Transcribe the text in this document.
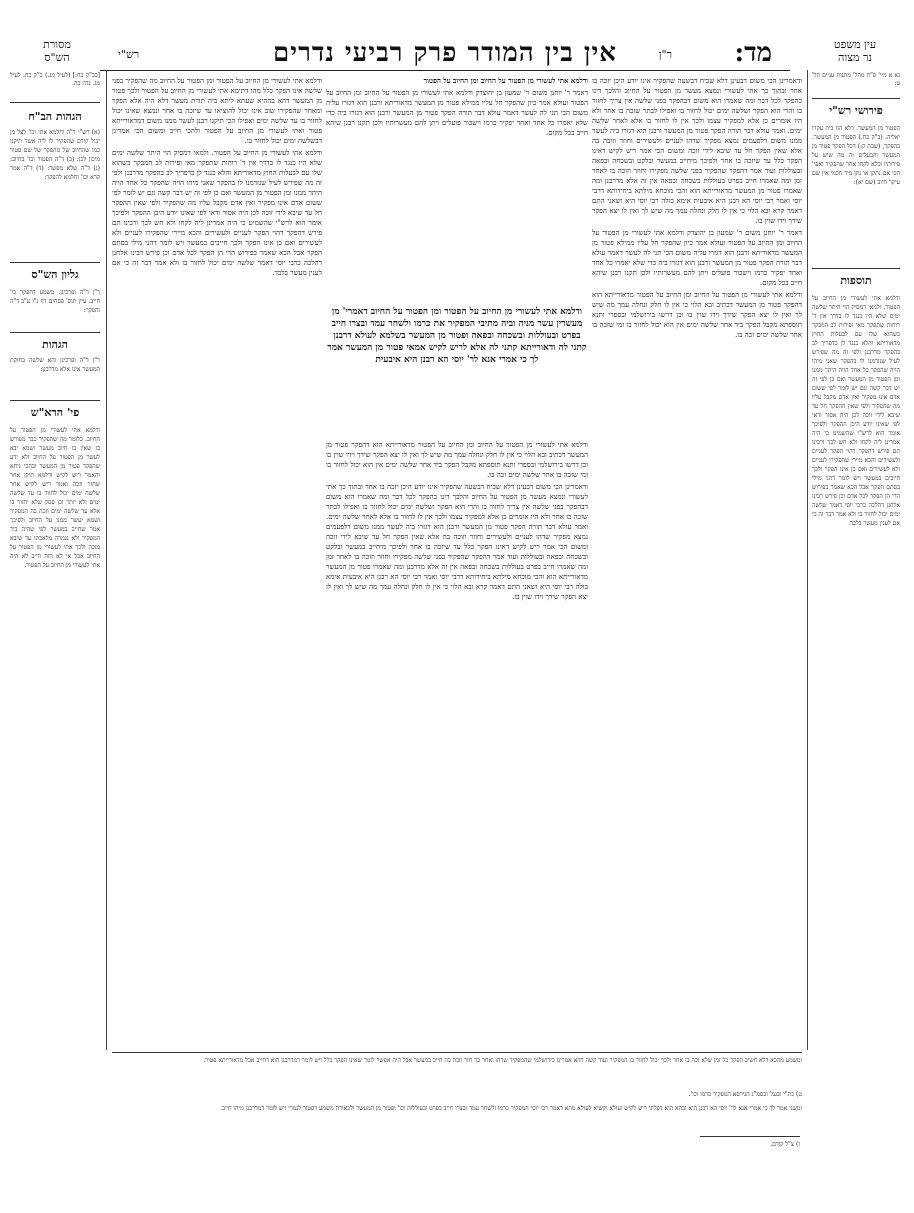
מד:
ר"ן
אין בין המודר פרק רביעי נדרים
רש"י
עין משפט
נר מצוה
נא א מיי' פ"ח מהל' מתנות עניים הל' ט:
פירושי רש"י
הפטור מן המעשר. דלא הוו בית עקרו יאליה. (ב"ק כח.) הפטור מן המעשר. בהפקר, (שבת ק:) דכל הפקר פטור מן המעשר והבעלים זה מה שיש על פירותיו וכלא לקחו אחר שהפקיר ואפי' הכי אם נתקן או נתן מיד חכמי אין שם עיקר חיוב (שם יא):
תוספות
ודלמא אתי לעשורי מן החיוב על הפטור. ולמאי דמסיק הוי היתר שלשה ימים שלא היו כנגד לו בדרך אין ד' רוחות שתפקר מאי ופירות לב המבקר כשהוא שלו עם לבעלות החוץ מדאוריתא והלא כנגד לן כדפריך לב בהפקר מדרבנן ולפי זה מה שפירש לעיל שנזדמנו לו בהפקר שאני מיהו הויה שהפקר כל אחד הויה היתר ממנו ומן הפטור מן המעשר ואם כן לפי זה יש דבר קשה וגם יש לומר לפי ששום אדם אינו מפקיר ואין אדם מקבל עליו מה שהפקיר ולפי שאין ההפקר חל עד שיבא לידי זוכה לכן היה אסור ודאי לפי שאינו יודע היכן ההפקר ולפיכך אומר הוא לרש"י שהשמיט כי היה אמרינן ליה לקחו ולא חש לכך ורבינו תם פירש דהפקר דהוי הפקר לעניים ולעשירים והכא מיירי שהפקירו לעניים ולא לעשירים ואם כן אינו הפקר ולכך חייבים במעשר ויש לומר דהני מילי בסתם הפקר אבל הכא שאמר בפירוש הרי הן הפקר לכל אדם וכן פירש רבינו אלחנן דהלכה כרבי יוסי דאמר שלשה ימים יכול לחזור בו ולא אמר דבר זה כי אם לענין מעשר בלבד.
מסורת
הש"ס
[בב"ק כח:] (לעיל מג.) ב"ק כח. לעיל מג. נדה כה.
הגהות הב"ח
(א) רש"י ד"ה וחלמא אתי וכו' לצל מן יכול קודם שהפקיר לו ליה אשר תיקנו כמו שהחיוב של מהפקר של שם פטור מיכון לכן: (ב) ד"ה הפטור וכו' בחיוב: (ג) ד"ה שלא מפשר: (ד) ד"ה אמר קרא וכו' וחלמא להפקר:
גליון הש"ס
ר"ן ד"ה ופרכינן. משמע דהפקר כו' חייב. עיין תוס' פסחים דף נ"ו ע"ב ד"ה והפקר:
הגהות
ר"ן ד"ה ופרכינן והא שלשה בחזקת המעשר אינו אלא מדרבנן:
פי' הרא"ש
ודלמא אתי לעשורי מן הפטור על החיוב. כלומר מה שהפקיר כבר מפורש בו שאין בו חיוב מעשר ושמא יבא לעשר מן הפטור על החיוב ולא ידע שהפקר פטור מן המעשר ובהכי ניחא והאמר ריש לקיש ודלמא תיקן אחר שחזר וזכה ואמר ריש לקיש אחר שלשה ימים יכול לחזור בו עד שלשה ימים ולא יותר וכן פסק שלא יחזור בו אלא עד שלשה ימים וזכה בה המפקיר ושמא יעשר ממנו על החיוב ולפיכך אמר שחייב במעשר לפי שהיה ביד המפקיר ולא נגמרה מלאכתו עד שיבא מזכה ולכך אתי לעשורי מן הפטור על החיוב אבל אי לא הוה חייב לא היה אתי לעשורי מן החיוב על הפטור.

ודאמרינן הכי משום דבעינן דלא שכיח דבשעה שהפקיר אינו יודע היכן יזכה בו אחר ובתוך כך אתי לעשורי ונמצא מעשר מן הפטור על החיוב והלכך דינו כהפקר לכל דבר ומה שאמרו הוא משום דבהפקר בפני שלשה אין צריך לחזור בו והרי הוא הפקר ושלשה ימים יכול לחזור בו ואפילו לבתר שזכה בו אחר ולא היו אומרים כן אלא למפקיר עצמו ולכך אין לו לחזור בו אלא לאחר שלשה ימים. ואמר עולא דבר תורה הפקר פטור מן המעשר ורבנן הוא דגזרו ביה לעשר ממנו משום דלפעמים נמצא מפקיר שדהו לעניים ולעשירים וחוזר וזוכה בה אלא שאין הפקר חל עד שיבא לידי זוכה ומשום הכי אמר ריש לקיש דאינו הפקר כלל עד שיזכה בו אחר ולפיכך מיחייב במעשר ובלקט ובשכחה ובפאה ובעוללות ועוד אמר דהפקר שהפקיר בפני שלשה מפקירו וחוזר וזוכה בו לאחר זמן ומה שאמרו חייב בפרט בעוללות בשכחה ובפאה אין זה אלא מדרבנן ומה שאמרו פטור מן המעשר מדאורייתא הוא והכי מוכחא מילתא ביחידותא דרבי יוסי ואמר רבי יוסי הא רבנן היא איבעית אימא כולה רבי יוסי היא ושאני התם דאמר קרא ובא הלוי כי אין לו חלק ונחלה עמך מה שיש לך ואין לו יצא הפקר שידך וידו שוין בו.

דאמר ר' יוחנן משום ר' שמעון בן יהוצדק ודלמא אתי לעשורי מן הפטור על החיוב ומן החיוב על הפטור ועולא אמר כיון שהפקר חל עליו ממילא פטור מן המעשר מדאוריתא ורבנן הוא דגזרו עליה משום הכי תני לה לעשר דאמר עולא דבר תורה הפקר פטור מן המעשר ורבנן הוא דגזרו ביה כדי שלא יאמרו כל אחד ואחד יפקיר כרמו וישכור פועלים ויתן להם מעשרותיו ולכן תקנו רבנן שיהא חייב בכל מקום.

ודלמא אתי לעשורי מן הפטור על החיוב ומן החיוב על הפטור מדאורייתא הוא דהפקר פטור מן המעשר דכתיב ובא הלוי כי אין לו חלק ונחלה עמך מה שיש לך ואין לו יצא הפקר שידך וידו שוין בו וכן דרשו בירושלמי ובספרי ותנא תוספתא מקבל הפקר ביד אחר שלשה ימים אין הוא יכול לחזור בו ומי שזכה בו אחר שלשה ימים זכה בו.

ודלמא אתי לעשורי מן החיוב על הפטור ומן הפטור על החיוב מה שהפקיר בפני שלשה אינו הפקר כלל מהו דתימא אתי לעשורי מן החיוב על הפטור ולכך פטור מן המעשר דהא בההיא שעתא ליתא ביה תורת מעשר דלא היה אלא הפקר ומאחר שהפקירו שוב אינו יכול להוציאו עד שיזכה בו אחר ונמצא שאינו יכול לחזור בו עד שלשה ימים ואפילו הכי תיקנו רבנן לעשר ממנו משום דמדאורייתא פטור ואתי לעשורי מן החיוב על הפטור ולהכי חייב ומשום הכי אמרינן דבשלשה ימים יכול לחזור בו.

ודלמא אתי לעשורי מן החיוב על הפטור. ולמאי דמסיק הוי היתר שלשה ימים שלא היו כנגד לו בדרך אין ד' רוחות שתפקר מאי ופירות לב המבקר כשהוא שלו עם לבעלות החוץ מדאוריתא והלא כנגד לן כדפריך לב בהפקר מדרבנן ולפי זה מה שפירש לעיל שנזדמנו לו בהפקר שאני מיהו הויה שהפקר כל אחד הויה היתר ממנו ומן הפטור מן המעשר ואם כן לפי זה יש דבר קשה וגם יש לומר לפי ששום אדם אינו מפקיר ואין אדם מקבל עליו מה שהפקיר ולפי שאין ההפקר חל עד שיבא לידי זוכה לכן היה אסור ודאי לפי שאינו יודע היכן ההפקר ולפיכך אומר הוא לרש"י שהשמיט כי היה אמרינן ליה לקחו ולא חש לכך ורבינו תם פירש דהפקר דהוי הפקר לעניים ולעשירים והכא מיירי שהפקירו לעניים ולא לעשירים ואם כן אינו הפקר ולכך חייבים במעשר ויש לומר דהני מילי בסתם הפקר אבל הכא שאמר בפירוש הרי הן הפקר לכל אדם וכן פירש רבינו אלחנן דהלכה כרבי יוסי דאמר שלשה ימים יכול לחזור בו ולא אמר דבר זה כי אם לענין מעשר בלבד.

ודלמא אתי לעשורי מן הפטור על החיוב ומן החיוב על הפטור

דאמר ר' יוחנן משום ר' שמעון בן יהוצדק ודלמא אתי לעשורי מן הפטור על החיוב ומן החיוב על הפטור ועולא אמר כיון שהפקר חל עליו ממילא פטור מן המעשר מדאוריתא ורבנן הוא דגזרו עליה משום הכי תני לה לעשר דאמר עולא דבר תורה הפקר פטור מן המעשר ורבנן הוא דגזרו ביה כדי שלא יאמרו כל אחד ואחד יפקיר כרמו וישכור פועלים ויתן להם מעשרותיו ולכן תקנו רבנן שיהא חייב בכל מקום.

ודלמא אתי לעשורי מן החיוב על הפטור ומן הפטור על החיוב דאמרי' מן מעשרין עשר מניה וביה מתיבי המפקיר את כרמו ולשחר עמד ובצרו חייב בפרט ובעוללות ובשכחה ובפאה ופטור מן המעשר בשלמא לעולא דרבנן קתני לה ודאורייתא קתני לה אלא לריש לקיש אמאי פטור מן המעשר אמר לך כי אמרי אנא לר' יוסי הא רבנן היא איבעית

ודלמא אתי לעשורי מן הפטור על החיוב ומן החיוב על הפטור מדאורייתא הוא דהפקר פטור מן המעשר דכתיב ובא הלוי כי אין לו חלק ונחלה עמך מה שיש לך ואין לו יצא הפקר שידך וידו שוין בו וכן דרשו בירושלמי ובספרי ותנא תוספתא מקבל הפקר ביד אחר שלשה ימים אין הוא יכול לחזור בו ומי שזכה בו אחר שלשה ימים זכה בו.

ודאמרינן הכי משום דבעינן דלא שכיח דבשעה שהפקיר אינו יודע היכן יזכה בו אחר ובתוך כך אתי לעשורי ונמצא מעשר מן הפטור על החיוב והלכך דינו כהפקר לכל דבר ומה שאמרו הוא משום דבהפקר בפני שלשה אין צריך לחזור בו והרי הוא הפקר ושלשה ימים יכול לחזור בו ואפילו לבתר שזכה בו אחר ולא היו אומרים כן אלא למפקיר עצמו ולכך אין לו לחזור בו אלא לאחר שלשה ימים. ואמר עולא דבר תורה הפקר פטור מן המעשר ורבנן הוא דגזרו ביה לעשר ממנו משום דלפעמים נמצא מפקיר שדהו לעניים ולעשירים וחוזר וזוכה בה אלא שאין הפקר חל עד שיבא לידי זוכה ומשום הכי אמר ריש לקיש דאינו הפקר כלל עד שיזכה בו אחר ולפיכך מיחייב במעשר ובלקט ובשכחה ובפאה ובעוללות ועוד אמר דהפקר שהפקיר בפני שלשה מפקירו וחוזר וזוכה בו לאחר זמן ומה שאמרו חייב בפרט בעוללות בשכחה ובפאה אין זה אלא מדרבנן ומה שאמרו פטור מן המעשר מדאורייתא הוא והכי מוכחא מילתא ביחידותא דרבי יוסי ואמר רבי יוסי הא רבנן היא איבעית אימא כולה רבי יוסי היא ושאני התם דאמר קרא ובא הלוי כי אין לו חלק ונחלה עמך מה שיש לך ואין לו יצא הפקר שידך וידו שוין בו.

ומשמע מהכא דלא חשיב הפקר כל זמן שלא זכה בו אחר ולכך יכול לחזור בו המפקיר ועוד קשה דהא אמרינן בירושלמי שהמפקיר שדהו ואחר כך חזר וזכה בה חייב במעשר אבל היה אפשר לומר שאינו הפקר כלל ויש לומר דמדרבנן הוא דחייב אבל מדאורייתא פטור.
ט) כת"י ובגמ' ובסמ"ג הגירסא המפקיר כרמו וכו'.
ומשני אמר לך כי אמרי אנא לר' יוסי הא רבנן היא ובהא הוא דפליגי ריש לקיש ועולא וקשיא לעולא מהא דאמר רבי יוסי המפקיר כרמו ולשחר עמד ובצרו חייב בפרט ובעוללות וכו' ופטור מן המעשר ולכאורה משמע דפטור לגמרי ויש לומר דמדרבנן מיהו חייב.
ז) צ"ל קודם.
